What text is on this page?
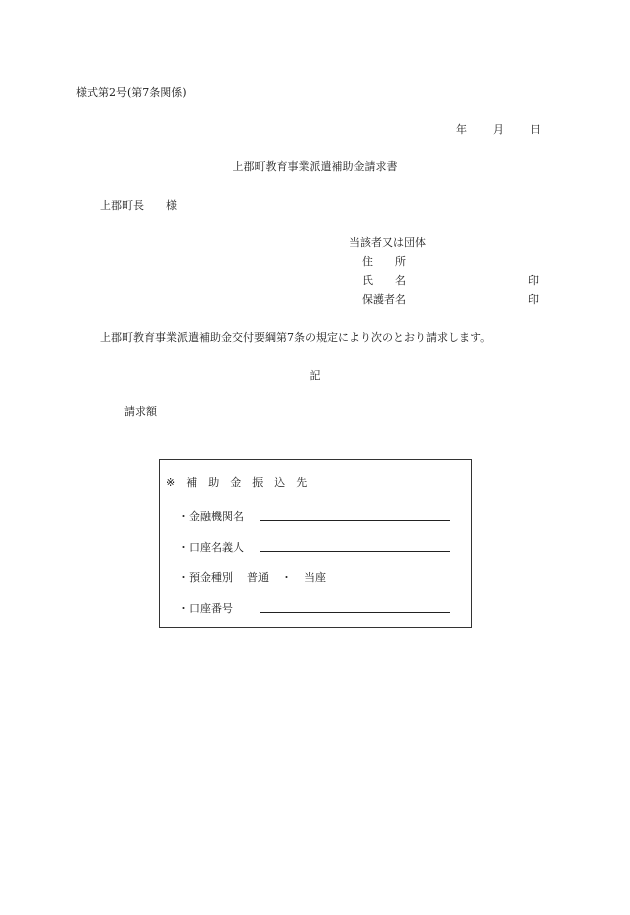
様式第2号(第7条関係)
年 月 日
上郡町教育事業派遣補助金請求書
上郡町長 様
当該者又は団体
住 所
氏 名
保護者名
印
印
上郡町教育事業派遣補助金交付要綱第7条の規定により次のとおり請求します。
記
請求額
※ 補 助 金 振 込 先
・金融機関名
・口座名義人
・預金種別 普通 ・ 当座
・口座番号
